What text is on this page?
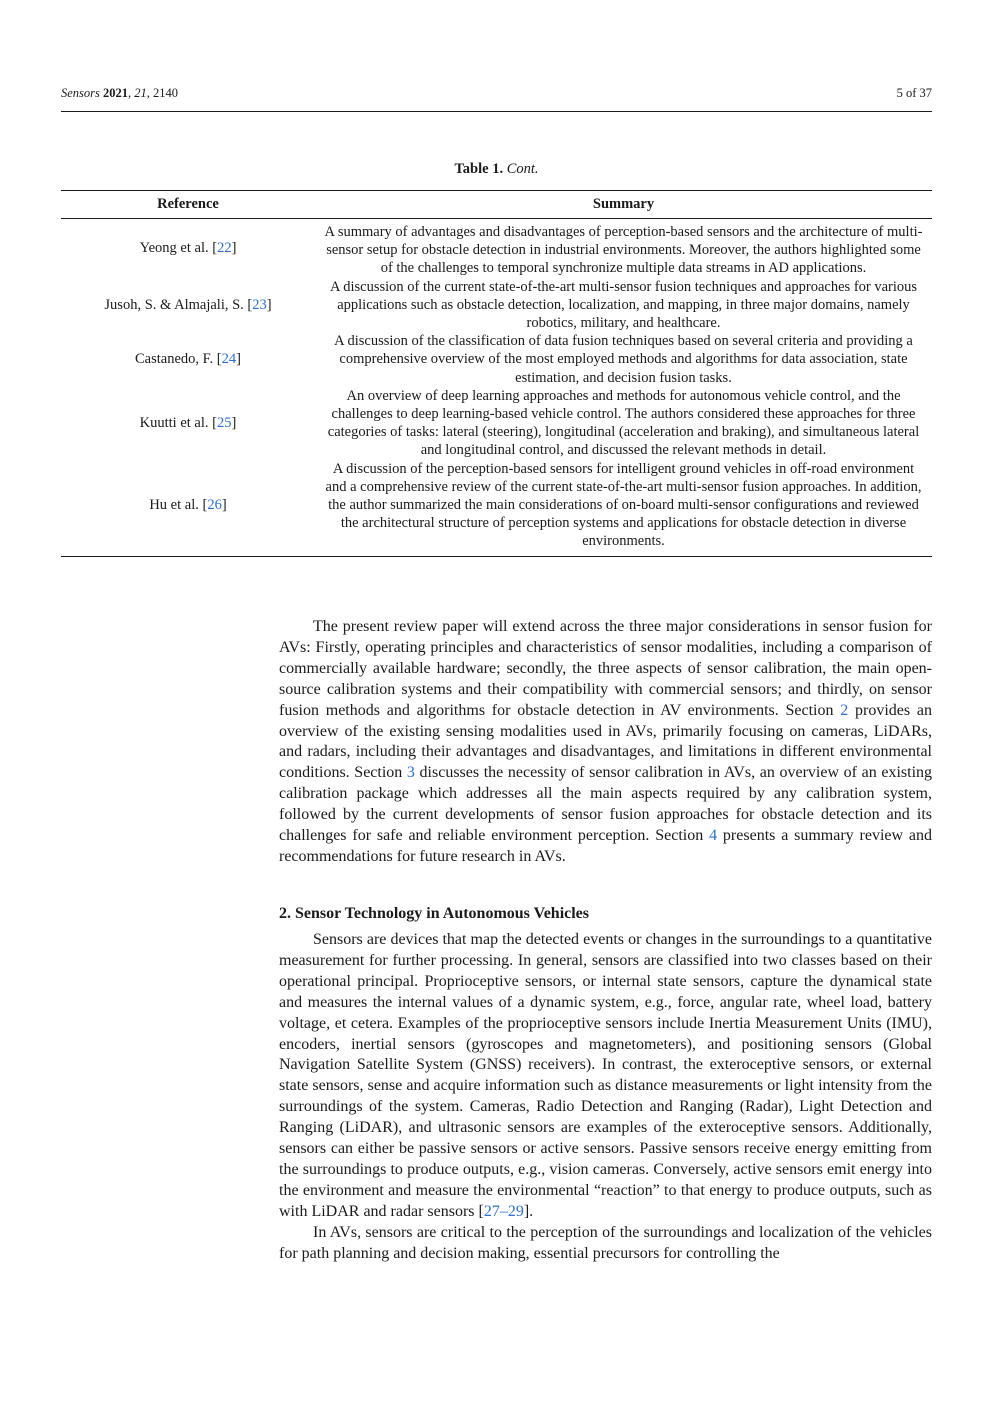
Sensors 2021, 21, 2140	5 of 37
Table 1. Cont.
Reference	Summary
Yeong et al. [22]	A summary of advantages and disadvantages of perception-based sensors and the architecture of multi-sensor setup for obstacle detection in industrial environments. Moreover, the authors highlighted some of the challenges to temporal synchronize multiple data streams in AD applications.
Jusoh, S. & Almajali, S. [23]	A discussion of the current state-of-the-art multi-sensor fusion techniques and approaches for various applications such as obstacle detection, localization, and mapping, in three major domains, namely robotics, military, and healthcare.
Castanedo, F. [24]	A discussion of the classification of data fusion techniques based on several criteria and providing a comprehensive overview of the most employed methods and algorithms for data association, state estimation, and decision fusion tasks.
Kuutti et al. [25]	An overview of deep learning approaches and methods for autonomous vehicle control, and the challenges to deep learning-based vehicle control. The authors considered these approaches for three categories of tasks: lateral (steering), longitudinal (acceleration and braking), and simultaneous lateral and longitudinal control, and discussed the relevant methods in detail.
Hu et al. [26]	A discussion of the perception-based sensors for intelligent ground vehicles in off-road environment and a comprehensive review of the current state-of-the-art multi-sensor fusion approaches. In addition, the author summarized the main considerations of on-board multi-sensor configurations and reviewed the architectural structure of perception systems and applications for obstacle detection in diverse environments.

The present review paper will extend across the three major considerations in sensor fusion for AVs: Firstly, operating principles and characteristics of sensor modalities, including a comparison of commercially available hardware; secondly, the three aspects of sensor calibration, the main open-source calibration systems and their compatibility with commercial sensors; and thirdly, on sensor fusion methods and algorithms for obstacle detection in AV environments. Section 2 provides an overview of the existing sensing modalities used in AVs, primarily focusing on cameras, LiDARs, and radars, including their advantages and disadvantages, and limitations in different environmental conditions. Section 3 discusses the necessity of sensor calibration in AVs, an overview of an existing calibration package which addresses all the main aspects required by any calibration system, followed by the current developments of sensor fusion approaches for obstacle detection and its challenges for safe and reliable environment perception. Section 4 presents a summary review and recommendations for future research in AVs.

2. Sensor Technology in Autonomous Vehicles

Sensors are devices that map the detected events or changes in the surroundings to a quantitative measurement for further processing. In general, sensors are classified into two classes based on their operational principal. Proprioceptive sensors, or internal state sensors, capture the dynamical state and measures the internal values of a dynamic system, e.g., force, angular rate, wheel load, battery voltage, et cetera. Examples of the proprioceptive sensors include Inertia Measurement Units (IMU), encoders, inertial sensors (gyroscopes and magnetometers), and positioning sensors (Global Navigation Satellite System (GNSS) receivers). In contrast, the exteroceptive sensors, or external state sensors, sense and acquire information such as distance measurements or light intensity from the surroundings of the system. Cameras, Radio Detection and Ranging (Radar), Light Detection and Ranging (LiDAR), and ultrasonic sensors are examples of the exteroceptive sensors. Additionally, sensors can either be passive sensors or active sensors. Passive sensors receive energy emitting from the surroundings to produce outputs, e.g., vision cameras. Conversely, active sensors emit energy into the environment and measure the environmental “reaction” to that energy to produce outputs, such as with LiDAR and radar sensors [27–29].

In AVs, sensors are critical to the perception of the surroundings and localization of the vehicles for path planning and decision making, essential precursors for controlling the
